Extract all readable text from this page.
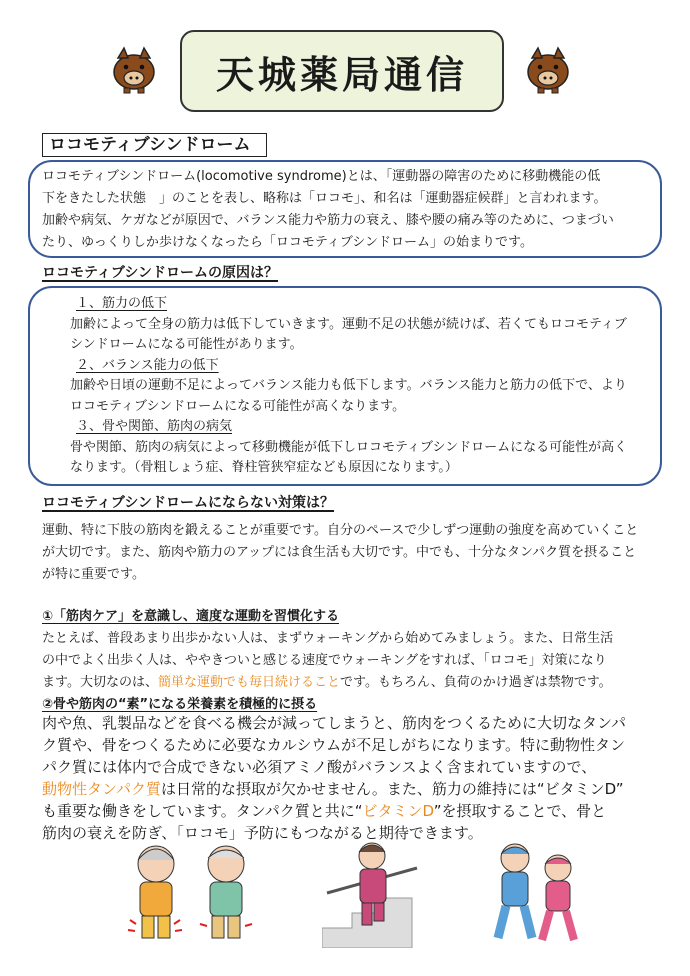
天城薬局通信
ロコモティブシンドローム
ロコモティブシンドローム(locomotive syndrome)とは、「運動器の障害のために移動機能の低
下をきたした状態　」のことを表し、略称は「ロコモ」、和名は「運動器症候群」と言われます。
加齢や病気、ケガなどが原因で、バランス能力や筋力の衰え、膝や腰の痛み等のために、つまづい
たり、ゆっくりしか歩けなくなったら「ロコモティブシンドローム」の始まりです。
ロコモティブシンドロームの原因は？
１、筋力の低下
加齢によって全身の筋力は低下していきます。運動不足の状態が続けば、若くてもロコモティブ
シンドロームになる可能性があります。
２、バランス能力の低下
加齢や日頃の運動不足によってバランス能力も低下します。バランス能力と筋力の低下で、より
ロコモティブシンドロームになる可能性が高くなります。
３、骨や関節、筋肉の病気
骨や関節、筋肉の病気によって移動機能が低下しロコモティブシンドロームになる可能性が高く
なります。（骨粗しょう症、脊柱管狭窄症なども原因になります。）
ロコモティブシンドロームにならない対策は？
運動、特に下肢の筋肉を鍛えることが重要です。自分のペースで少しずつ運動の強度を高めていくこと
が大切です。また、筋肉や筋力のアップには食生活も大切です。中でも、十分なタンパク質を摂ること
が特に重要です。
①「筋肉ケア」を意識し、適度な運動を習慣化する
たとえば、普段あまり出歩かない人は、まずウォーキングから始めてみましょう。また、日常生活
の中でよく出歩く人は、ややきついと感じる速度でウォーキングをすれば、「ロコモ」対策になり
ます。大切なのは、簡単な運動でも毎日続けることです。もちろん、負荷のかけ過ぎは禁物です。
②骨や筋肉の“素”になる栄養素を積極的に摂る
肉や魚、乳製品などを食べる機会が減ってしまうと、筋肉をつくるために大切なタンパ
ク質や、骨をつくるために必要なカルシウムが不足しがちになります。特に動物性タン
パク質には体内で合成できない必須アミノ酸がバランスよく含まれていますので、
動物性タンパク質は日常的な摂取が欠かせません。また、筋力の維持には“ビタミンD”
も重要な働きをしています。タンパク質と共に“ビタミンD”を摂取することで、骨と
筋肉の衰えを防ぎ、「ロコモ」予防にもつながると期待できます。
